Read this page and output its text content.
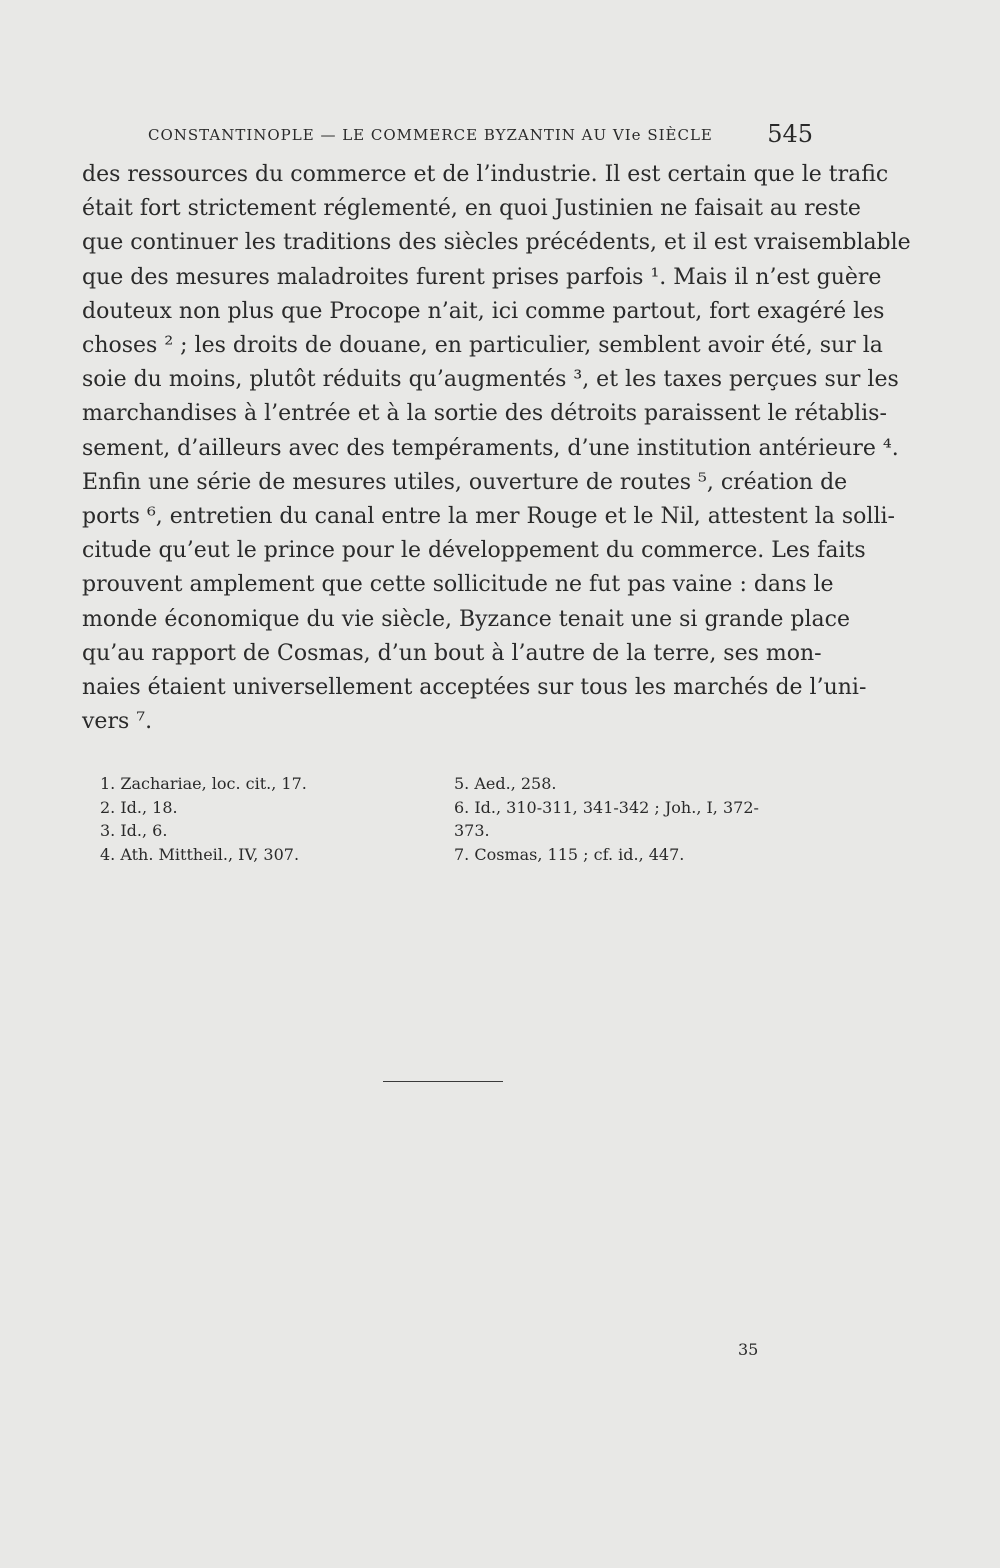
CONSTANTINOPLE — LE COMMERCE BYZANTIN AU VIe SIÈCLE 545
des ressources du commerce et de l’industrie. Il est certain que le trafic
était fort strictement réglementé, en quoi Justinien ne faisait au reste
que continuer les traditions des siècles précédents, et il est vraisemblable
que des mesures maladroites furent prises parfois ¹. Mais il n’est guère
douteux non plus que Procope n’ait, ici comme partout, fort exagéré les
choses ² ; les droits de douane, en particulier, semblent avoir été, sur la
soie du moins, plutôt réduits qu’augmentés ³, et les taxes perçues sur les
marchandises à l’entrée et à la sortie des détroits paraissent le rétablis-
sement, d’ailleurs avec des tempéraments, d’une institution antérieure ⁴.
Enfin une série de mesures utiles, ouverture de routes ⁵, création de
ports ⁶, entretien du canal entre la mer Rouge et le Nil, attestent la solli-
citude qu’eut le prince pour le développement du commerce. Les faits
prouvent amplement que cette sollicitude ne fut pas vaine : dans le
monde économique du vie siècle, Byzance tenait une si grande place
qu’au rapport de Cosmas, d’un bout à l’autre de la terre, ses mon-
naies étaient universellement acceptées sur tous les marchés de l’uni-
vers ⁷.
1. Zachariae, loc. cit., 17.
2. Id., 18.
3. Id., 6.
4. Ath. Mittheil., IV, 307.
5. Aed., 258.
6. Id., 310-311, 341-342 ; Joh., I, 372-
373.
7. Cosmas, 115 ; cf. id., 447.
35
